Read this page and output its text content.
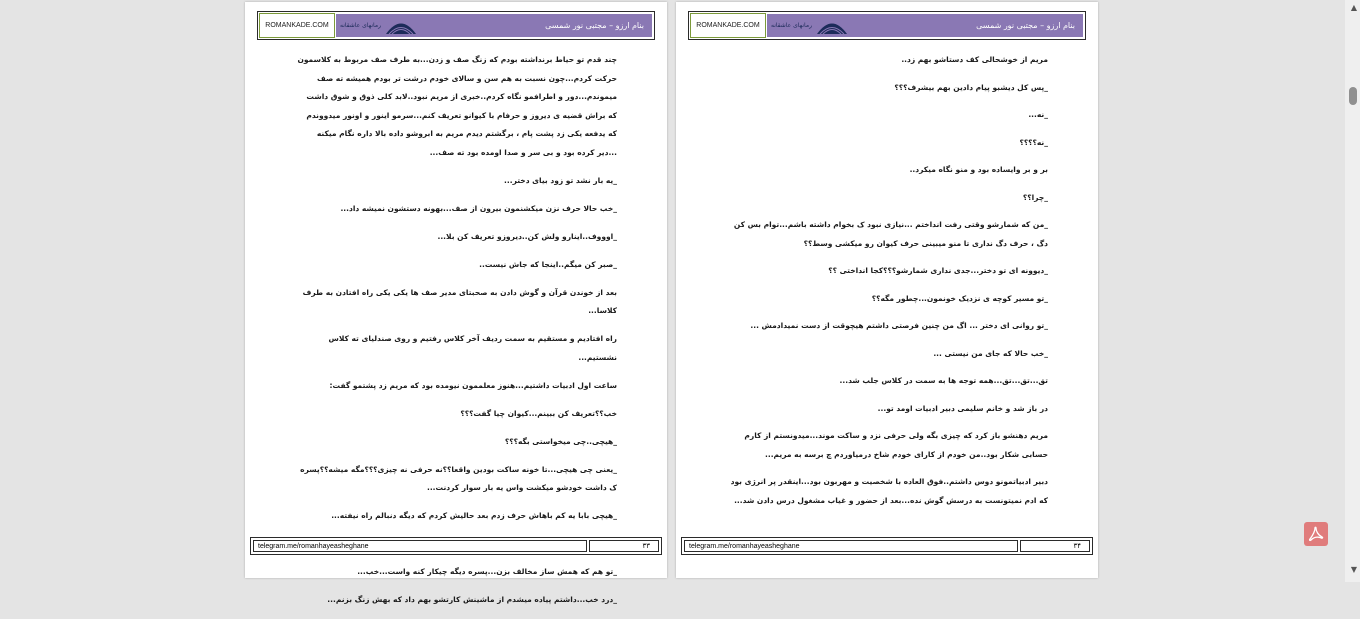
ROMANKADE.COM	بنام ارزو – مجتبی نور شمسی
رمانهای عاشقانه

چند قدم تو حیاط برنداشته بودم که زنگ صف و زدن...به طرف صف مربوط به کلاسمون حرکت کردم...چون نسبت به هم سن و سالای خودم درشت تر بودم همیشه ته صف میموندم...دور و اطرافمو نگاه کردم..خبری از مریم نبود..لابد کلی ذوق و شوق داشت که براش قضیه ی دیروز و حرفام با کیوانو تعریف کنم...سرمو اینور و اونور میدووندم که یدفعه یکی زد پشت پام ، برگشتم دیدم مریم به ابروشو داده بالا داره نگام میکنه ...دیر کرده بود و بی سر و صدا اومده بود ته صف...

_یه بار نشد تو زود بیای دختر...

_خب حالا حرف نزن میکشنمون بیرون از صف...بهونه دستشون نمیشه داد...

_اوووف..اینارو ولش کن..دیروزو تعریف کن بلا...

_صبر کن میگم..اینجا که جاش نیست..

بعد از خوندن قرآن و گوش دادن به صحبتای مدیر صف ها یکی یکی راه افتادن به طرف کلاسا...

راه افتادیم و مستقیم به سمت ردیف آخر کلاس رفتیم و روی صندلیای ته کلاس نشستیم...

ساعت اول ادبیات داشتیم...هنوز معلممون نیومده بود که مریم زد پشتمو گفت:

خب؟؟تعریف کن ببینم...کیوان چیا گفت؟؟؟

_هیچی..چی میخواستی بگه؟؟؟

_یعنی چی هیچی...تا خونه ساکت بودین واقعا؟؟نه حرفی نه چیزی؟؟؟مگه میشه؟؟پسره ک داشت خودشو میکشت واس یه بار سوار کردنت...

_هیچی بابا یه کم باهاش حرف زدم بعد حالیش کردم که دیگه دنبالم راه نیفته...

_تو هم که همش ساز مخالف بزن...پسره دیگه چیکار کنه واست...خب...

_درد خب...داشتم پیاده میشدم از ماشینش کارتشو بهم داد که بهش زنگ بزنم...

telegram.me/romanhayeasheghane	۳۳
ROMANKADE.COM	بنام ارزو – مجتبی نور شمسی
رمانهای عاشقانه

مریم از خوشحالی کف دستاشو بهم زد..

_پس کل دیشبو پیام دادین بهم بیشرف؟؟؟

_نه...

_نه؟؟؟؟

بر و بر وایساده بود و منو نگاه میکرد..

_چرا؟؟

_من که شمارشو وقتی رفت انداختم ...نیازی نبود ک بخوام داشته باشم...توام بس کن دگ ، حرف دگ نداری تا منو میبینی حرف کیوان رو میکشی وسط؟؟

_دیوونه ای تو دختر...جدی نداری شمارشو؟؟؟کجا انداختی ؟؟

_تو مسیر کوچه ی نزدیک خونمون...چطور مگه؟؟

_تو روانی ای دختر ... اگ من چنین فرصتی داشتم هیچوقت از دست نمیدادمش ...

_خب حالا که جای من نیستی ...

تق...تق...تق...همه توجه ها به سمت در کلاس جلب شد...

در باز شد و خانم سلیمی دبیر ادبیات اومد تو...

مریم دهنشو باز کرد که چیزی بگه ولی حرفی نزد و ساکت موند...میدونستم از کارم حسابی شکار بود..من خودم از کارای خودم شاخ درمیاوردم چ برسه به مریم...

دبیر ادبیاتمونو دوس داشتم..فوق العاده با شخصیت و مهربون بود...اینقدر پر انرژی بود که ادم نمیتونست به درسش گوش نده...بعد از حضور و غیاب مشغول درس دادن شد...

telegram.me/romanhayeasheghane	۳۴
▲
▼
